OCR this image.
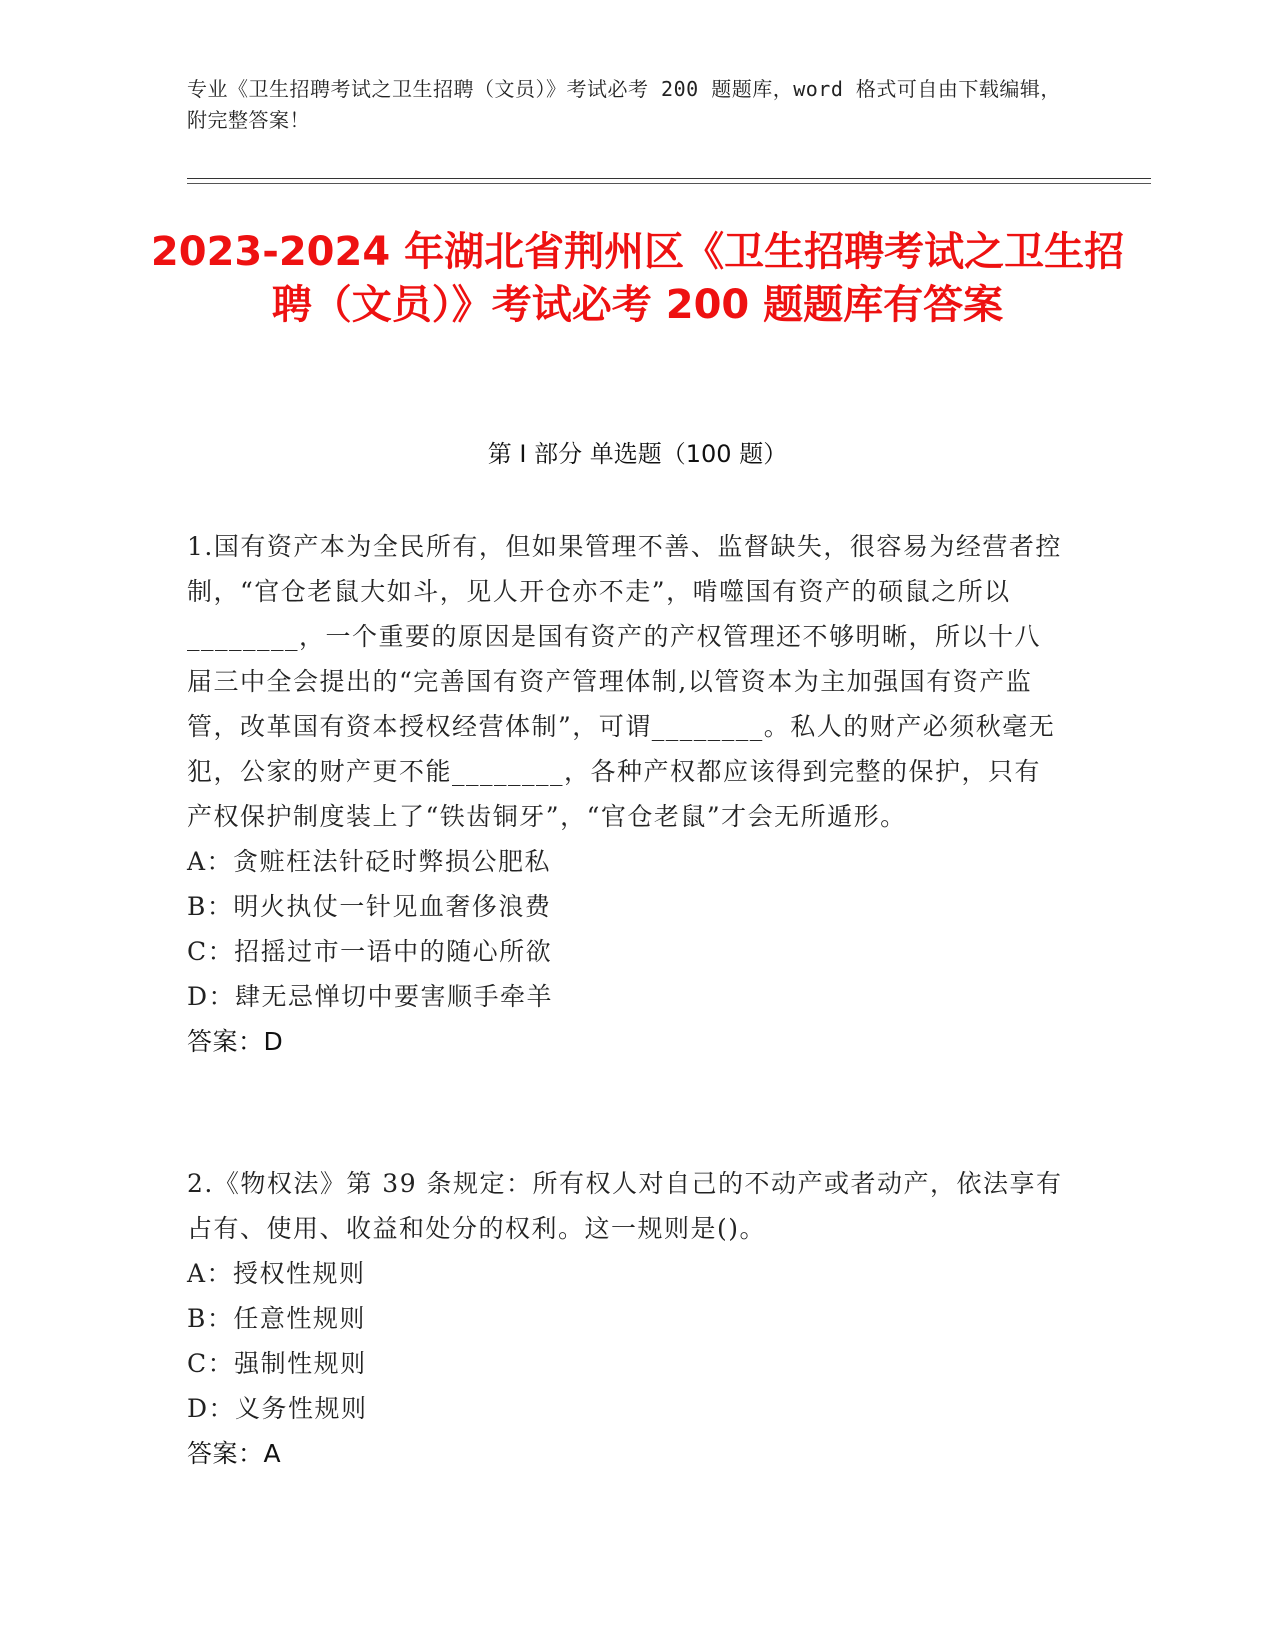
专业《卫生招聘考试之卫生招聘（文员）》考试必考 200 题题库，word 格式可自由下载编辑，附完整答案！
2023-2024 年湖北省荆州区《卫生招聘考试之卫生招聘（文员）》考试必考 200 题题库有答案
第 I 部分 单选题（100 题）

1.国有资产本为全民所有，但如果管理不善、监督缺失，很容易为经营者控制，“官仓老鼠大如斗，见人开仓亦不走”，啃噬国有资产的硕鼠之所以________，一个重要的原因是国有资产的产权管理还不够明晰，所以十八届三中全会提出的“完善国有资产管理体制,以管资本为主加强国有资产监管，改革国有资本授权经营体制”，可谓________。私人的财产必须秋毫无犯，公家的财产更不能________，各种产权都应该得到完整的保护，只有产权保护制度装上了“铁齿铜牙”，“官仓老鼠”才会无所遁形。

A：贪赃枉法针砭时弊损公肥私

B：明火执仗一针见血奢侈浪费

C：招摇过市一语中的随心所欲

D：肆无忌惮切中要害顺手牵羊

答案：D

2.《物权法》第 39 条规定：所有权人对自己的不动产或者动产，依法享有占有、使用、收益和处分的权利。这一规则是()。

A：授权性规则

B：任意性规则

C：强制性规则

D：义务性规则

答案：A
